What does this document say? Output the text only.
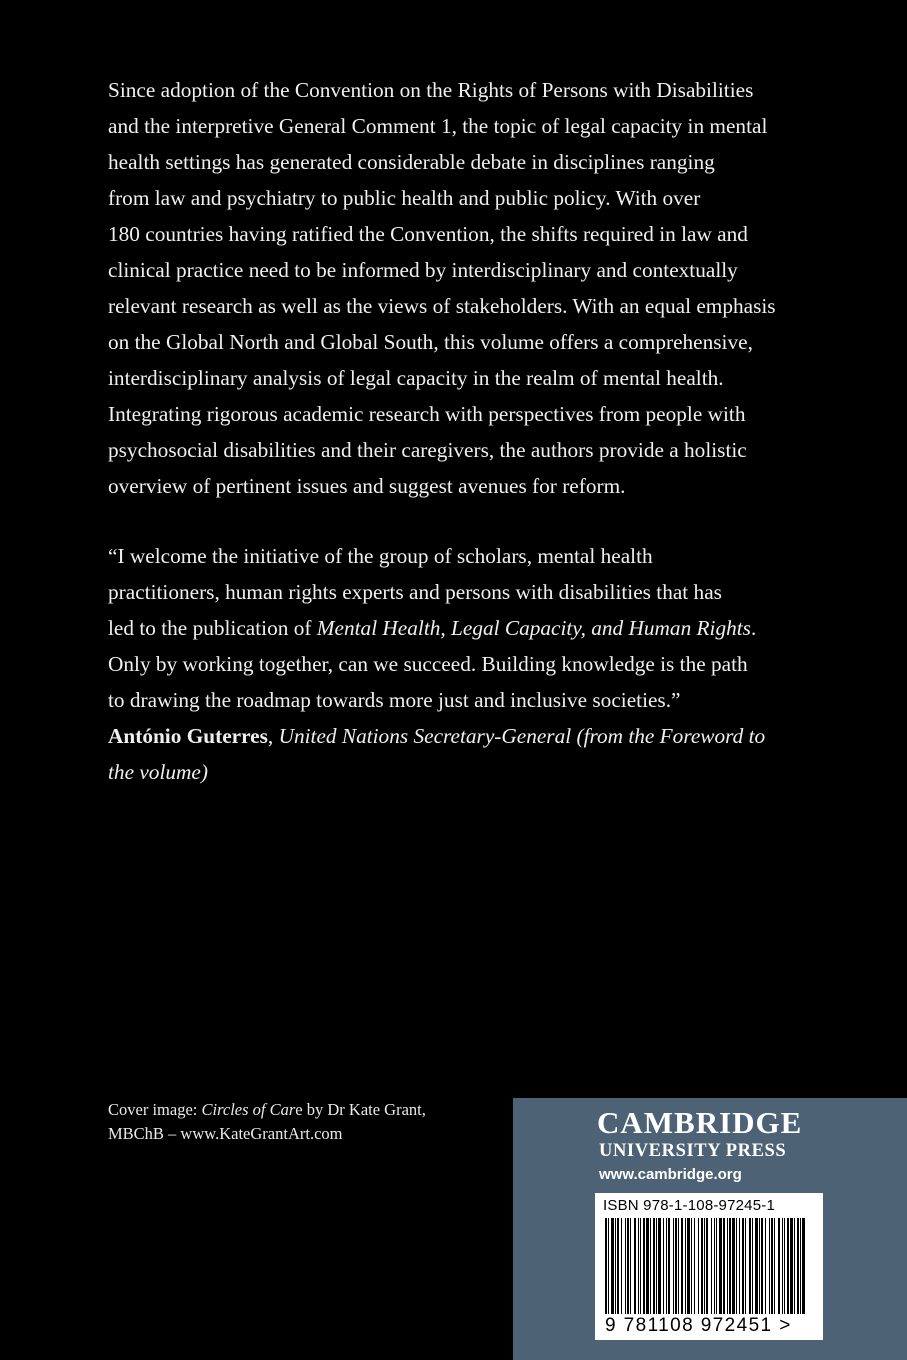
Since adoption of the Convention on the Rights of Persons with Disabilities
and the interpretive General Comment 1, the topic of legal capacity in mental
health settings has generated considerable debate in disciplines ranging
from law and psychiatry to public health and public policy. With over
180 countries having ratified the Convention, the shifts required in law and
clinical practice need to be informed by interdisciplinary and contextually
relevant research as well as the views of stakeholders. With an equal emphasis
on the Global North and Global South, this volume offers a comprehensive,
interdisciplinary analysis of legal capacity in the realm of mental health.
Integrating rigorous academic research with perspectives from people with
psychosocial disabilities and their caregivers, the authors provide a holistic
overview of pertinent issues and suggest avenues for reform.
“I welcome the initiative of the group of scholars, mental health
practitioners, human rights experts and persons with disabilities that has
led to the publication of Mental Health, Legal Capacity, and Human Rights.
Only by working together, can we succeed. Building knowledge is the path
to drawing the roadmap towards more just and inclusive societies.”
António Guterres, United Nations Secretary-General (from the Foreword to
the volume)
Cover image: Circles of Care by Dr Kate Grant,
MBChB – www.KateGrantArt.com	CAMBRIDGE
UNIVERSITY PRESS
www.cambridge.org
ISBN 978-1-108-97245-1
9 781108 972451 >
